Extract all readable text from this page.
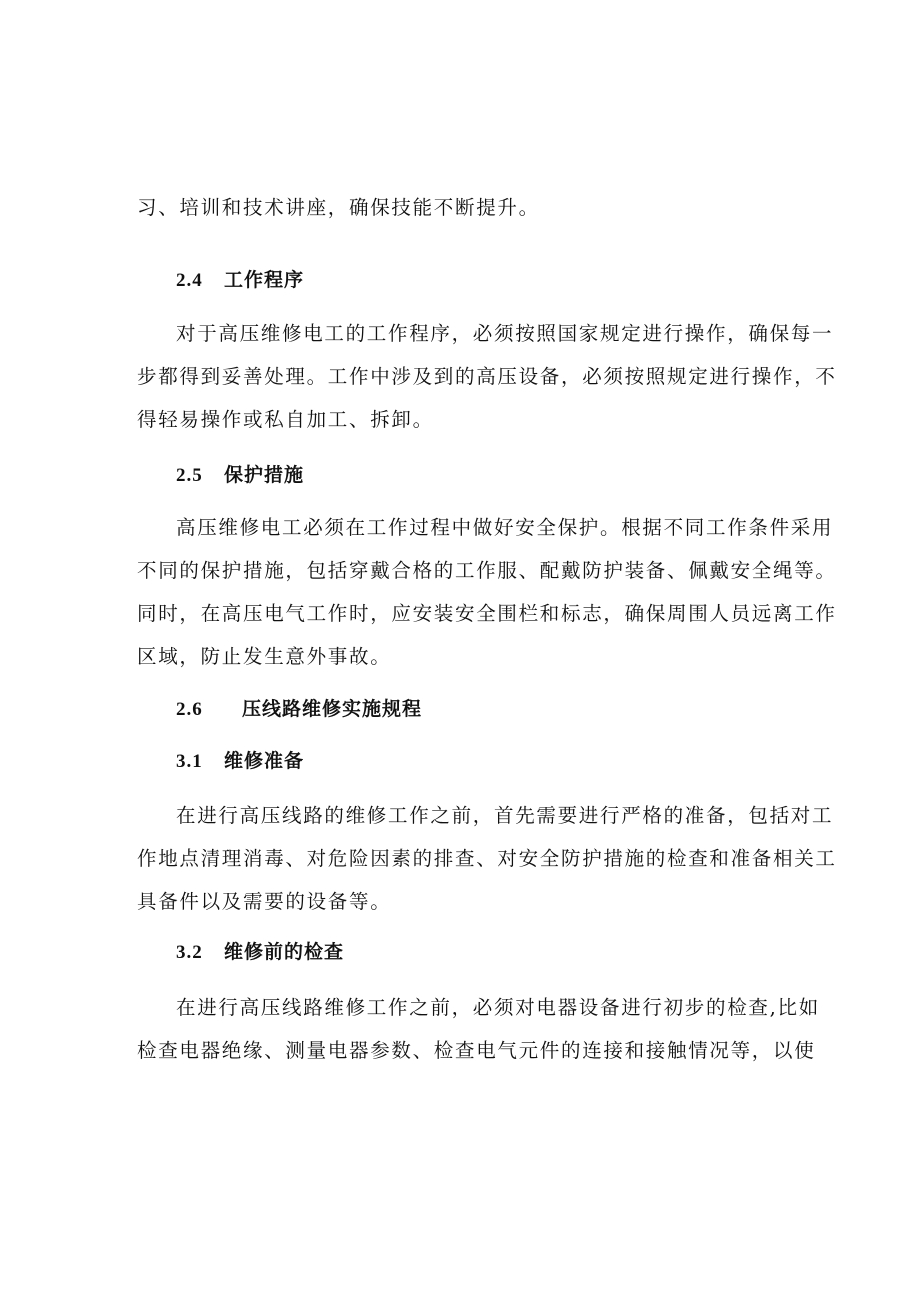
习、培训和技术讲座，确保技能不断提升。
2.4 工作程序
对于高压维修电工的工作程序，必须按照国家规定进行操作，确保每一
步都得到妥善处理。工作中涉及到的高压设备，必须按照规定进行操作，不
得轻易操作或私自加工、拆卸。
2.5 保护措施
高压维修电工必须在工作过程中做好安全保护。根据不同工作条件采用
不同的保护措施，包括穿戴合格的工作服、配戴防护装备、佩戴安全绳等。
同时，在高压电气工作时，应安装安全围栏和标志，确保周围人员远离工作
区域，防止发生意外事故。
2.6 压线路维修实施规程
3.1 维修准备
在进行高压线路的维修工作之前，首先需要进行严格的准备，包括对工
作地点清理消毒、对危险因素的排查、对安全防护措施的检查和准备相关工
具备件以及需要的设备等。
3.2 维修前的检查
在进行高压线路维修工作之前，必须对电器设备进行初步的检查,比如
检查电器绝缘、测量电器参数、检查电气元件的连接和接触情况等，以使
